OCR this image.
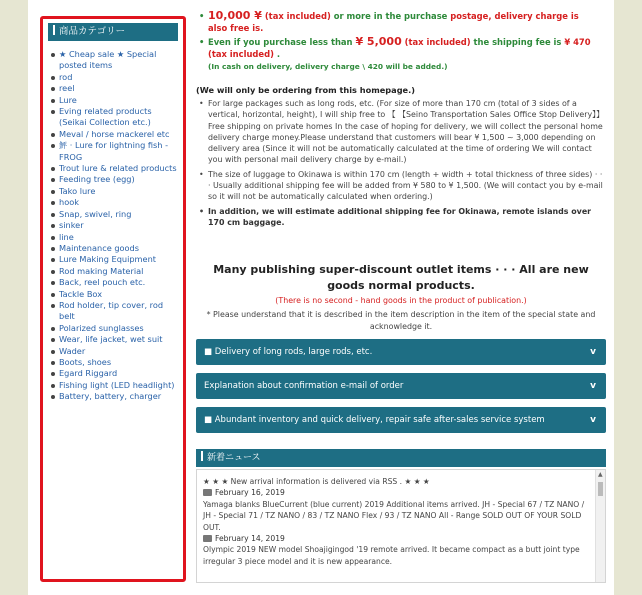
商品カテゴリー
★ Cheap sale ★ Special posted items
rod
reel
Lure
Eving related products (Seikai Collection etc.)
Meval / horse mackerel etc
鮃 · Lure for lightning fish - FROG
Trout lure & related products
Feeding tree (egg)
Tako lure
hook
Snap, swivel, ring
sinker
line
Maintenance goods
Lure Making Equipment
Rod making Material
Back, reel pouch etc.
Tackle Box
Rod holder, tip cover, rod belt
Polarized sunglasses
Wear, life jacket, wet suit
Wader
Boots, shoes
Egard Riggard
Fishing light (LED headlight)
Battery, battery, charger
• 10,000 ¥ (tax included) or more in the purchase postage, delivery charge is also free is.
• Even if you purchase less than ¥ 5,000 (tax included) the shipping fee is ¥ 470 (tax included) .
(In cash on delivery, delivery charge \ 420 will be added.)
(We will only be ordering from this homepage.)
• For large packages such as long rods, etc. (For size of more than 170 cm (total of 3 sides of a vertical, horizontal, height), I will ship free to 【 【Seino Transportation Sales Office Stop Delivery】】 Free shipping on private homes In the case of hoping for delivery, we will collect the personal home delivery charge money.Please understand that customers will bear ¥ 1,500 ~ 3,000 depending on delivery area (Since it will not be automatically calculated at the time of ordering We will contact you with personal mail delivery charge by e-mail.)
• The size of luggage to Okinawa is within 170 cm (length + width + total thickness of three sides) · · · Usually additional shipping fee will be added from ¥ 580 to ¥ 1,500. (We will contact you by e-mail so it will not be automatically calculated when ordering.)
• In addition, we will estimate additional shipping fee for Okinawa, remote islands over 170 cm baggage.
Many publishing super-discount outlet items · · · All are new goods normal products.
(There is no second - hand goods in the product of publication.)
* Please understand that it is described in the item description in the item of the special state and acknowledge it.
■ Delivery of long rods, large rods, etc.	v
Explanation about confirmation e-mail of order	v
■ Abundant inventory and quick delivery, repair safe after-sales service system	v
新着ニュース
★ ★ ★ New arrival information is delivered via RSS . ★ ★ ★
February 16, 2019
Yamaga blanks BlueCurrent (blue current) 2019 Additional items arrived. JH - Special 67 / TZ NANO / JH - Special 71 / TZ NANO / 83 / TZ NANO Flex / 93 / TZ NANO All - Range SOLD OUT OF YOUR SOLD OUT.
February 14, 2019
Olympic 2019 NEW model Shoajigingod '19 remote arrived. It became compact as a butt joint type irregular 3 piece model and it is new appearance.
▲
